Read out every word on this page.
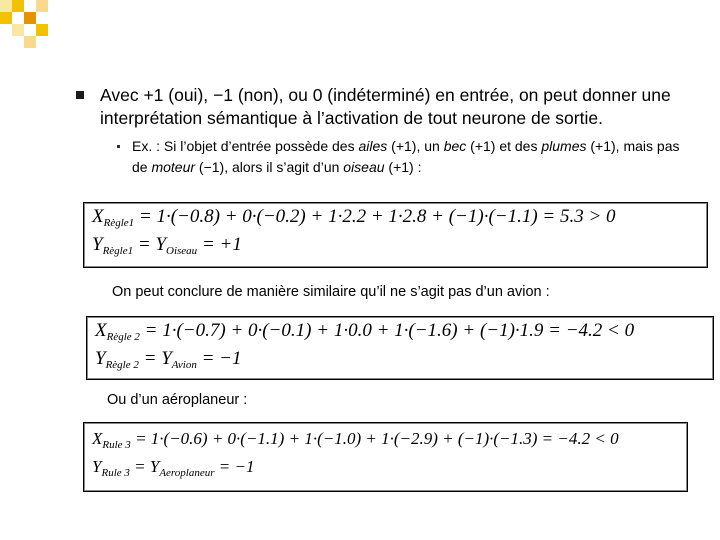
Avec +1 (oui), −1 (non), ou 0 (indéterminé) en entrée, on peut donner une interprétation sémantique à l’activation de tout neurone de sortie.
Ex. : Si l’objet d’entrée possède des ailes (+1), un bec (+1) et des plumes (+1), mais pas de moteur (−1), alors il s’agit d’un oiseau (+1) :
$X_{Règle1} = 1\cdot(-0.8) + 0\cdot(-0.2) + 1\cdot 2.2 + 1\cdot 2.8 + (-1)\cdot(-1.1) = 5.3 > 0$
$Y_{Règle1} = Y_{Oiseau} = +1$
On peut conclure de manière similaire qu’il ne s’agit pas d’un avion :
$X_{Règle 2} = 1\cdot(-0.7) + 0\cdot(-0.1) + 1\cdot 0.0 + 1\cdot(-1.6) + (-1)\cdot 1.9 = -4.2 < 0$
$Y_{Règle 2} = Y_{Avion} = -1$
Ou d’un aéroplaneur :
$X_{Rule 3} = 1\cdot(-0.6) + 0\cdot(-1.1) + 1\cdot(-1.0) + 1\cdot(-2.9) + (-1)\cdot(-1.3) = -4.2 < 0$
$Y_{Rule 3} = Y_{Aeroplaneur} = -1$
